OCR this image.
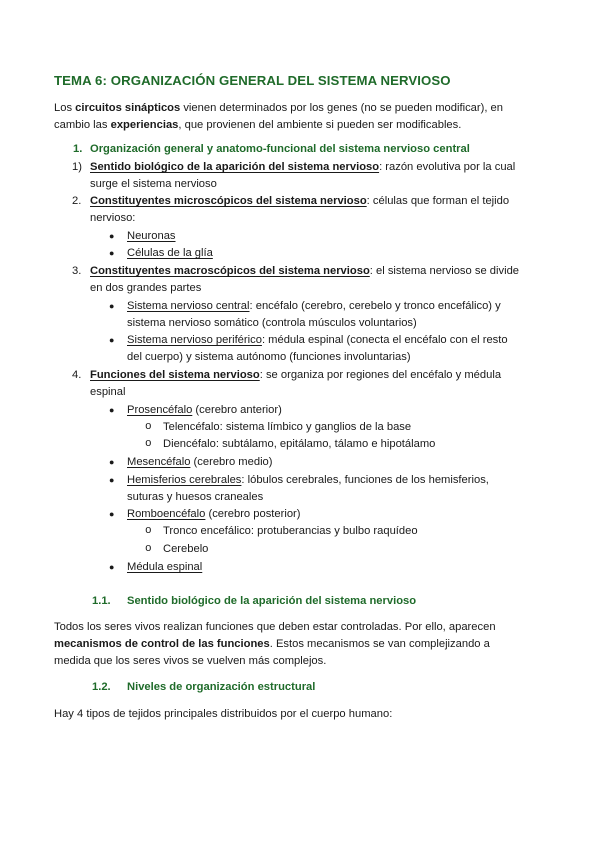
TEMA 6: ORGANIZACIÓN GENERAL DEL SISTEMA NERVIOSO
Los circuitos sinápticos vienen determinados por los genes (no se pueden modificar), en
cambio las experiencias, que provienen del ambiente si pueden ser modificables.
1. Organización general y anatomo-funcional del sistema nervioso central
1) Sentido biológico de la aparición del sistema nervioso: razón evolutiva por la cual
surge el sistema nervioso
2. Constituyentes microscópicos del sistema nervioso: células que forman el tejido
nervioso:
● Neuronas
● Células de la glía
3. Constituyentes macroscópicos del sistema nervioso: el sistema nervioso se divide
en dos grandes partes
● Sistema nervioso central: encéfalo (cerebro, cerebelo y tronco encefálico) y
sistema nervioso somático (controla músculos voluntarios)
● Sistema nervioso periférico: médula espinal (conecta el encéfalo con el resto
del cuerpo) y sistema autónomo (funciones involuntarias)
4. Funciones del sistema nervioso: se organiza por regiones del encéfalo y médula
espinal
● Prosencéfalo (cerebro anterior)
o Telencéfalo: sistema límbico y ganglios de la base
o Diencéfalo: subtálamo, epitálamo, tálamo e hipotálamo
● Mesencéfalo (cerebro medio)
● Hemisferios cerebrales: lóbulos cerebrales, funciones de los hemisferios,
suturas y huesos craneales
● Romboencéfalo (cerebro posterior)
o Tronco encefálico: protuberancias y bulbo raquídeo
o Cerebelo
● Médula espinal
1.1. Sentido biológico de la aparición del sistema nervioso
Todos los seres vivos realizan funciones que deben estar controladas. Por ello, aparecen
mecanismos de control de las funciones. Estos mecanismos se van complejizando a
medida que los seres vivos se vuelven más complejos.
1.2. Niveles de organización estructural
Hay 4 tipos de tejidos principales distribuidos por el cuerpo humano:
